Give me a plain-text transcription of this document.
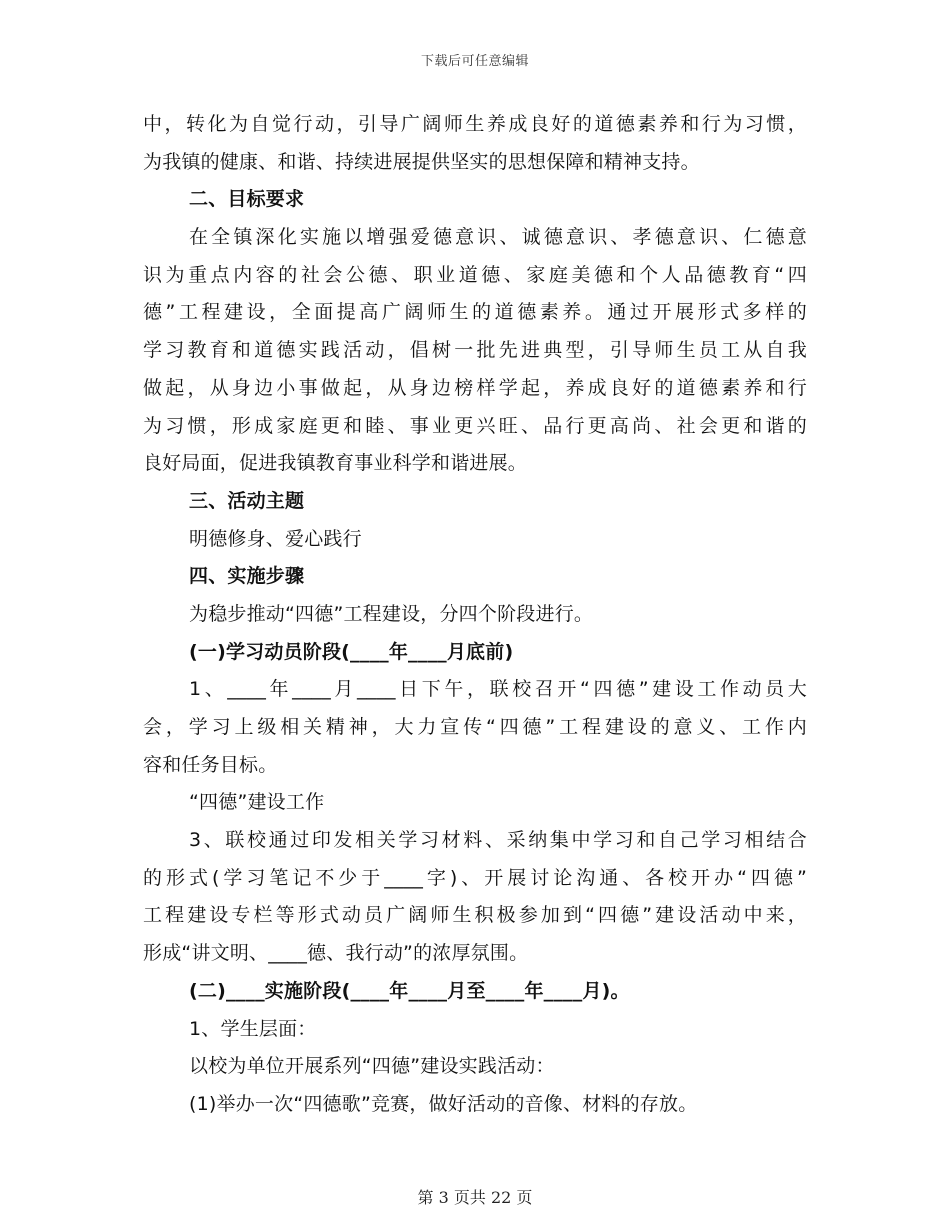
下载后可任意编辑
中，转化为自觉行动，引导广阔师生养成良好的道德素养和行为习惯，
为我镇的健康、和谐、持续进展提供坚实的思想保障和精神支持。
二、目标要求
在全镇深化实施以增强爱德意识、诚德意识、孝德意识、仁德意
识为重点内容的社会公德、职业道德、家庭美德和个人品德教育“四
德”工程建设，全面提高广阔师生的道德素养。通过开展形式多样的
学习教育和道德实践活动，倡树一批先进典型，引导师生员工从自我
做起，从身边小事做起，从身边榜样学起，养成良好的道德素养和行
为习惯，形成家庭更和睦、事业更兴旺、品行更高尚、社会更和谐的
良好局面，促进我镇教育事业科学和谐进展。
三、活动主题
明德修身、爱心践行
四、实施步骤
为稳步推动“四德”工程建设，分四个阶段进行。
(一)学习动员阶段(____年____月底前)
1、____年____月____日下午，联校召开“四德”建设工作动员大
会，学习上级相关精神，大力宣传“四德”工程建设的意义、工作内
容和任务目标。
“四德”建设工作
3、联校通过印发相关学习材料、采纳集中学习和自己学习相结合
的形式(学习笔记不少于____字)、开展讨论沟通、各校开办“四德”
工程建设专栏等形式动员广阔师生积极参加到“四德”建设活动中来，
形成“讲文明、____德、我行动”的浓厚氛围。
(二)____实施阶段(____年____月至____年____月)。
1、学生层面：
以校为单位开展系列“四德”建设实践活动：
(1)举办一次“四德歌”竞赛，做好活动的音像、材料的存放。
第 3 页共 22 页
